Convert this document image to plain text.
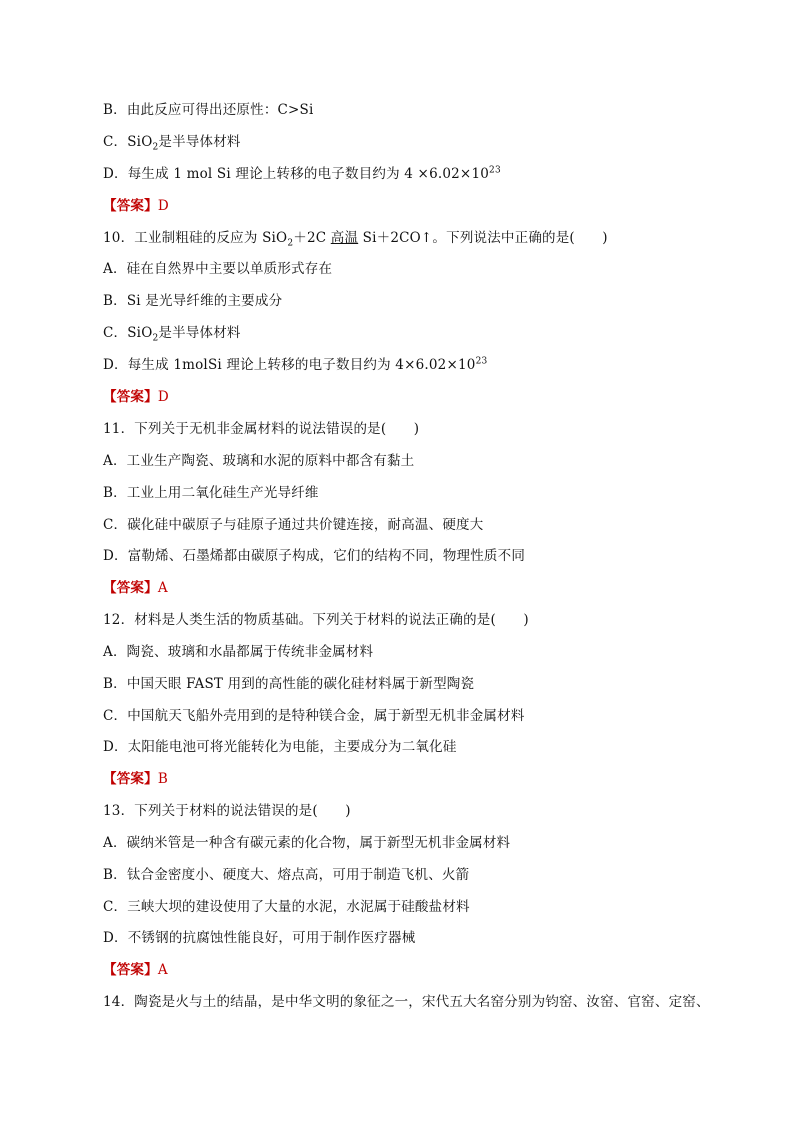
B．由此反应可得出还原性：C>Si
C．SiO$_2$是半导体材料
D．每生成 1 mol Si 理论上转移的电子数目约为 $4 \times 6.02\times 10^{23}$
【答案】D
10．工业制粗硅的反应为 SiO$_2$＋2C 高温 Si＋2CO↑。下列说法中正确的是(　　)
A．硅在自然界中主要以单质形式存在
B．Si 是光导纤维的主要成分
C．SiO$_2$是半导体材料
D．每生成 1molSi 理论上转移的电子数目约为 $4\times 6.02\times 10^{23}$
【答案】D
11．下列关于无机非金属材料的说法错误的是(　　)
A．工业生产陶瓷、玻璃和水泥的原料中都含有黏土
B．工业上用二氧化硅生产光导纤维
C．碳化硅中碳原子与硅原子通过共价键连接，耐高温、硬度大
D．富勒烯、石墨烯都由碳原子构成，它们的结构不同，物理性质不同
【答案】A
12．材料是人类生活的物质基础。下列关于材料的说法正确的是(　　)
A．陶瓷、玻璃和水晶都属于传统非金属材料
B．中国天眼 FAST 用到的高性能的碳化硅材料属于新型陶瓷
C．中国航天飞船外壳用到的是特种镁合金，属于新型无机非金属材料
D．太阳能电池可将光能转化为电能，主要成分为二氧化硅
【答案】B
13．下列关于材料的说法错误的是(　　)
A．碳纳米管是一种含有碳元素的化合物，属于新型无机非金属材料
B．钛合金密度小、硬度大、熔点高，可用于制造飞机、火箭
C．三峡大坝的建设使用了大量的水泥，水泥属于硅酸盐材料
D．不锈钢的抗腐蚀性能良好，可用于制作医疗器械
【答案】A
14．陶瓷是火与土的结晶，是中华文明的象征之一，宋代五大名窑分别为钧窑、汝窑、官窑、定窑、
